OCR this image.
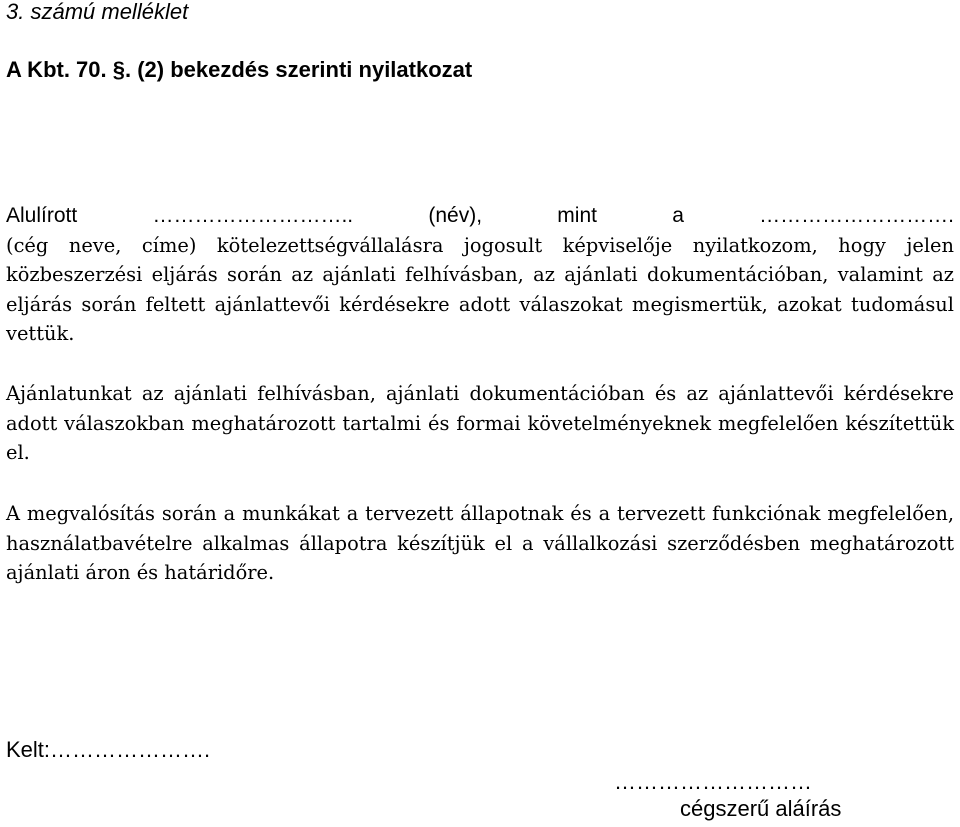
3. számú melléklet
A Kbt. 70. §. (2) bekezdés szerinti nyilatkozat
Alulírott ……………………….. (név), mint a ……………………….
(cég neve, címe) kötelezettségvállalásra jogosult képviselője nyilatkozom, hogy jelen közbeszerzési eljárás során az ajánlati felhívásban, az ajánlati dokumentációban, valamint az eljárás során feltett ajánlattevői kérdésekre adott válaszokat megismertük, azokat tudomásul vettük.
Ajánlatunkat az ajánlati felhívásban, ajánlati dokumentációban és az ajánlattevői kérdésekre adott válaszokban meghatározott tartalmi és formai követelményeknek megfelelően készítettük el.
A megvalósítás során a munkákat a tervezett állapotnak és a tervezett funkciónak megfelelően, használatbavételre alkalmas állapotra készítjük el a vállalkozási szerződésben meghatározott ajánlati áron és határidőre.
Kelt:………………….
………………………
cégszerű aláírás
